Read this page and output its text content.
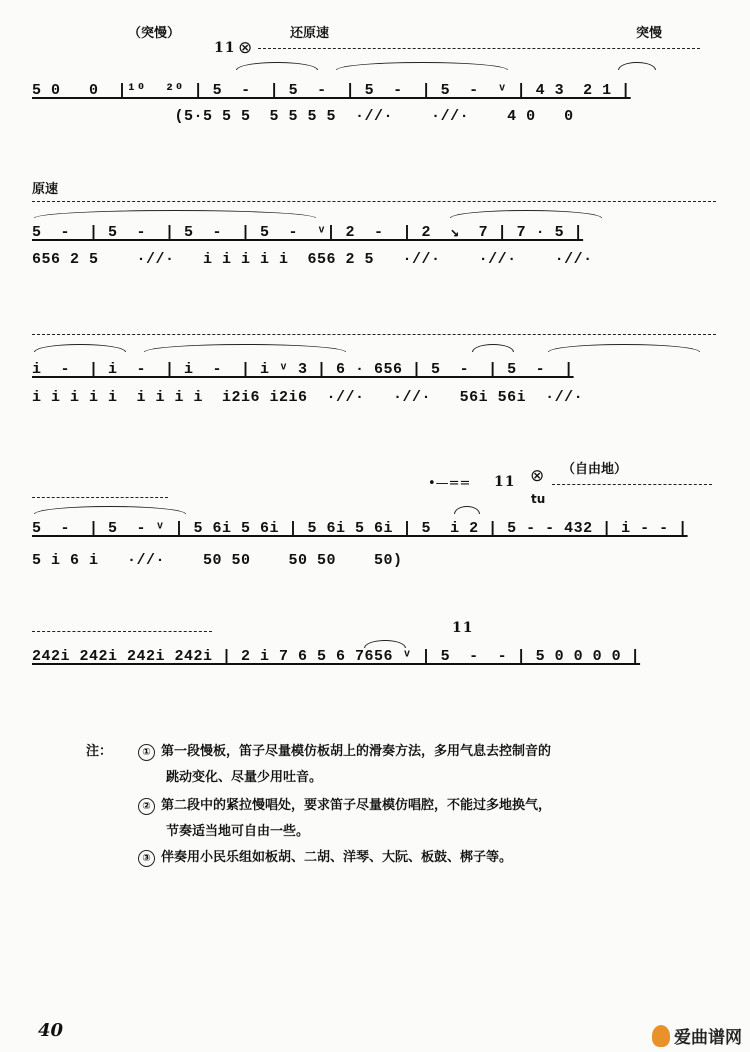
（突慢）	还原速	突慢
11 ⊗
原速
（自由地）
•—== 11 ⊗
tu
11
5 0   0  |¹⁰  ²⁰ | 5  -  | 5  -  | 5  -  | 5  -  ᵛ | 4 3  2 1 |
(5·5 5 5  5 5 5 5  ·//·    ·//·    4 0   0
5  -  | 5  -  | 5  -  | 5  -  ᵛ| 2  -  | 2  ↘  7 | 7 · 5 |
656 2 5    ·//·   i i i i i  656 2 5   ·//·    ·//·    ·//·
i  -  | i  -  | i  -  | i ᵛ 3 | 6 · 656 | 5  -  | 5  -  |
i i i i i  i i i i  i2i6 i2i6  ·//·   ·//·   56i 56i  ·//·
5  -  | 5  - ᵛ | 5 6i 5 6i | 5 6i 5 6i | 5  i 2 | 5 - - 432 | i - - |
5 i 6 i   ·//·    50 50    50 50    50)
242i 242i 242i 242i | 2 i 7 6 5 6 7656 ᵛ | 5  -  - | 5 0 0 0 0 |
注：	① 第一段慢板，笛子尽量模仿板胡上的滑奏方法，多用气息去控制音的
跳动变化、尽量少用吐音。
② 第二段中的紧拉慢唱处，要求笛子尽量模仿唱腔，不能过多地换气，
节奏适当地可自由一些。
③ 伴奏用小民乐组如板胡、二胡、洋琴、大阮、板鼓、梆子等。
40	爱曲谱网
